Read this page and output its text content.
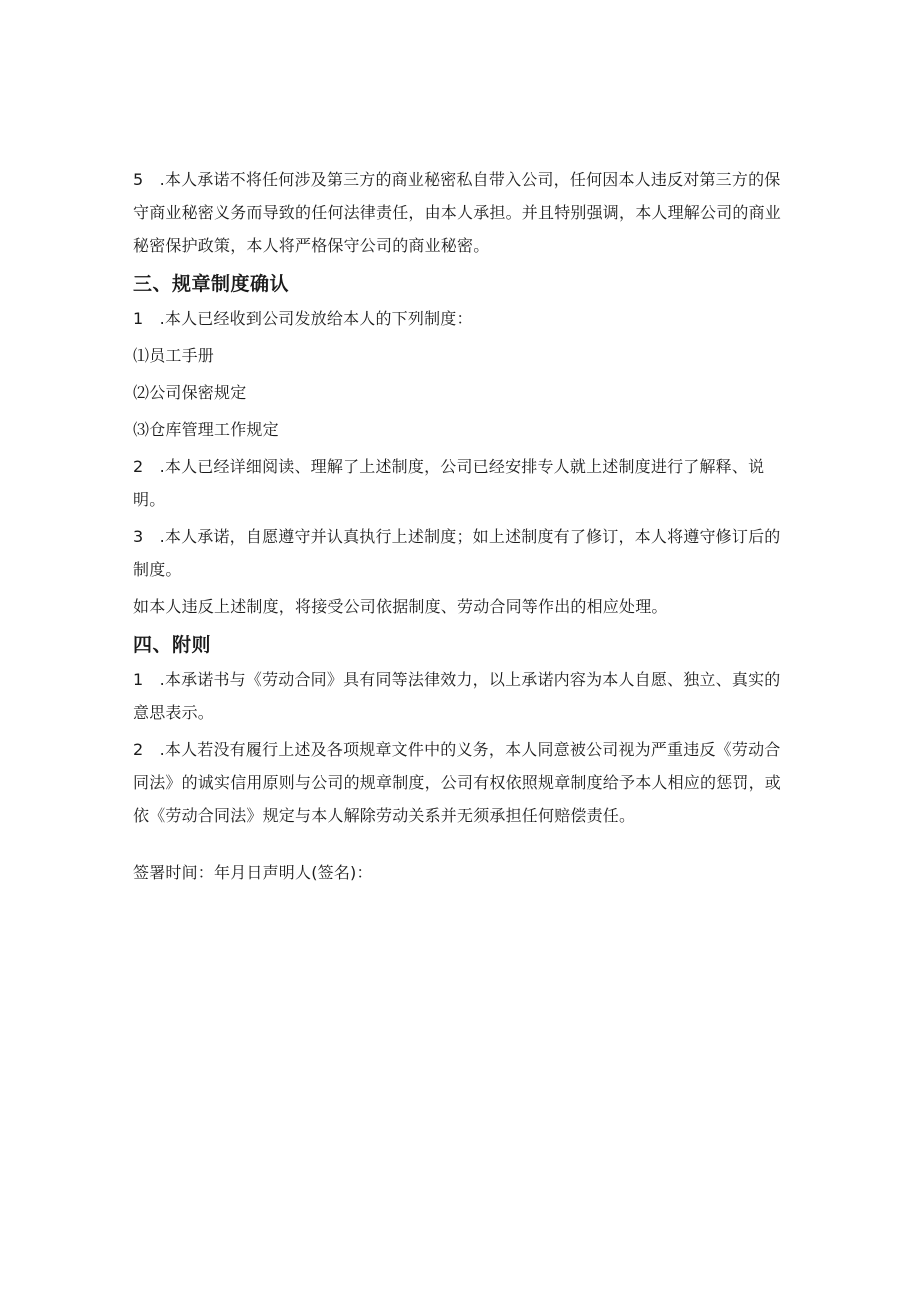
5　.本人承诺不将任何涉及第三方的商业秘密私自带入公司，任何因本人违反对第三方的保守商业秘密义务而导致的任何法律责任，由本人承担。并且特别强调，本人理解公司的商业秘密保护政策，本人将严格保守公司的商业秘密。

三、规章制度确认

1　.本人已经收到公司发放给本人的下列制度：

⑴员工手册

⑵公司保密规定

⑶仓库管理工作规定

2　.本人已经详细阅读、理解了上述制度，公司已经安排专人就上述制度进行了解释、说明。

3　.本人承诺，自愿遵守并认真执行上述制度；如上述制度有了修订，本人将遵守修订后的制度。

如本人违反上述制度，将接受公司依据制度、劳动合同等作出的相应处理。

四、附则

1　.本承诺书与《劳动合同》具有同等法律效力，以上承诺内容为本人自愿、独立、真实的意思表示。

2　.本人若没有履行上述及各项规章文件中的义务，本人同意被公司视为严重违反《劳动合同法》的诚实信用原则与公司的规章制度，公司有权依照规章制度给予本人相应的惩罚，或依《劳动合同法》规定与本人解除劳动关系并无须承担任何赔偿责任。

签署时间：年月日声明人(签名)：
